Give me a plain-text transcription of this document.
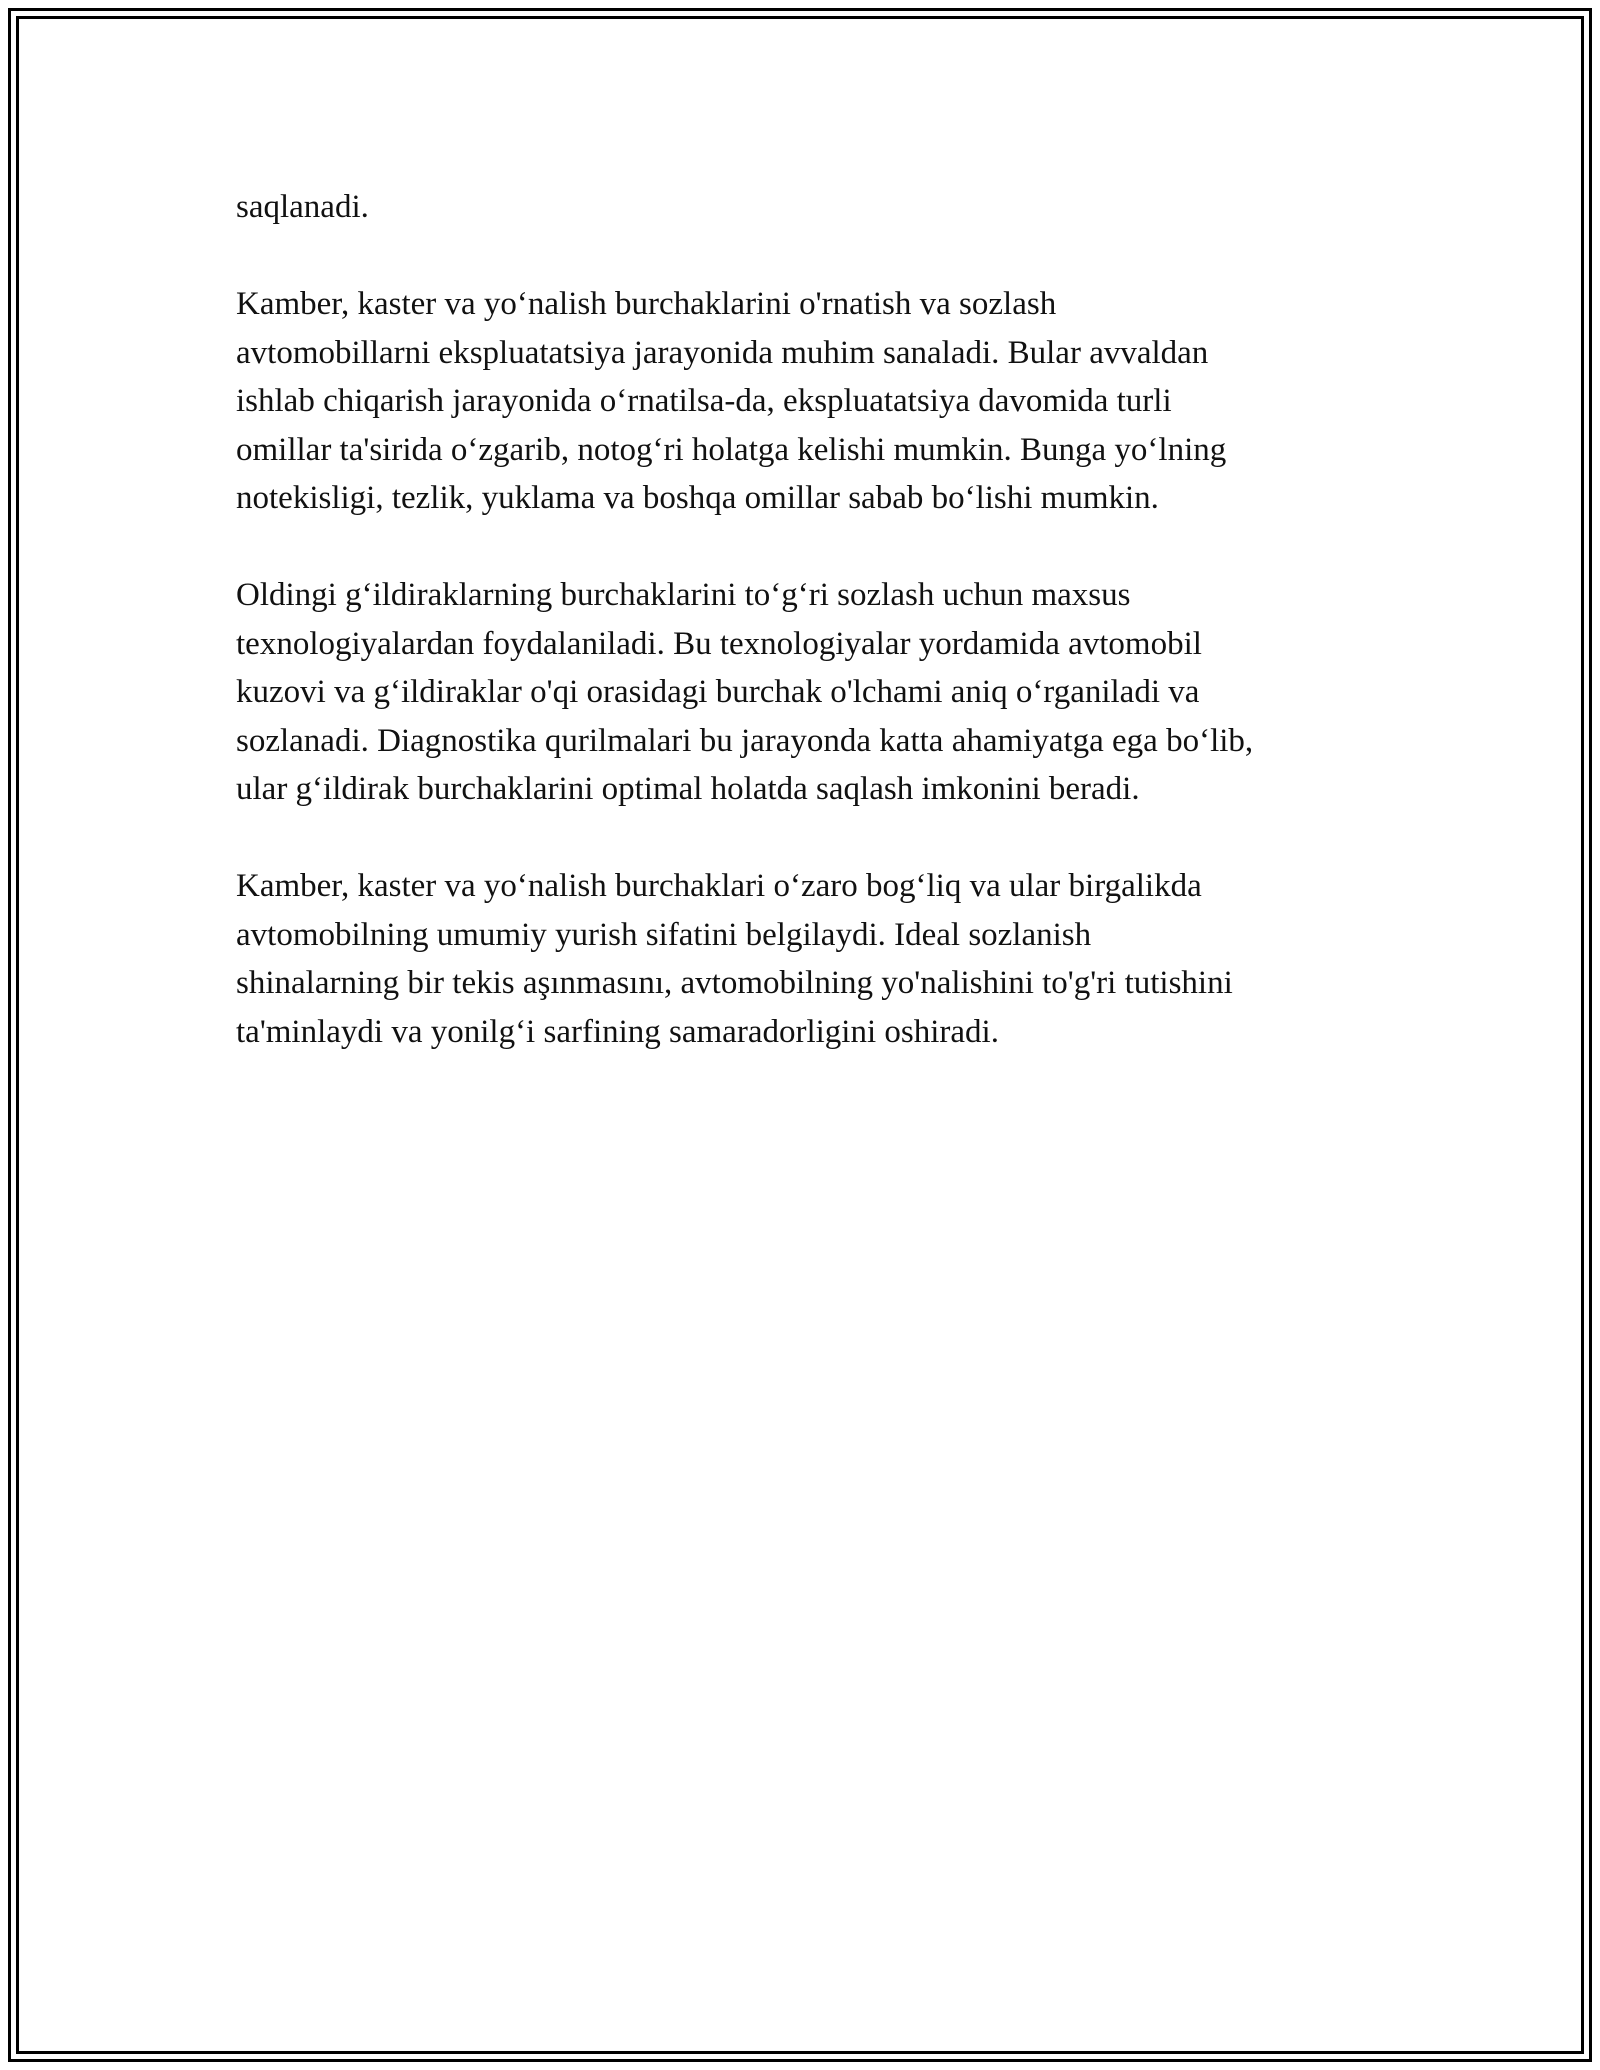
saqlanadi.

Kamber, kaster va yo‘nalish burchaklarini o'rnatish va sozlash
avtomobillarni ekspluatatsiya jarayonida muhim sanaladi. Bular avvaldan
ishlab chiqarish jarayonida o‘rnatilsa-da, ekspluatatsiya davomida turli
omillar ta'sirida o‘zgarib, notog‘ri holatga kelishi mumkin. Bunga yo‘lning
notekisligi, tezlik, yuklama va boshqa omillar sabab bo‘lishi mumkin.

Oldingi g‘ildiraklarning burchaklarini to‘g‘ri sozlash uchun maxsus
texnologiyalardan foydalaniladi. Bu texnologiyalar yordamida avtomobil
kuzovi va g‘ildiraklar o'qi orasidagi burchak o'lchami aniq o‘rganiladi va
sozlanadi. Diagnostika qurilmalari bu jarayonda katta ahamiyatga ega bo‘lib,
ular g‘ildirak burchaklarini optimal holatda saqlash imkonini beradi.

Kamber, kaster va yo‘nalish burchaklari o‘zaro bog‘liq va ular birgalikda
avtomobilning umumiy yurish sifatini belgilaydi. Ideal sozlanish
shinalarning bir tekis aşınmasını, avtomobilning yo'nalishini to'g'ri tutishini
ta'minlaydi va yonilg‘i sarfining samaradorligini oshiradi.
